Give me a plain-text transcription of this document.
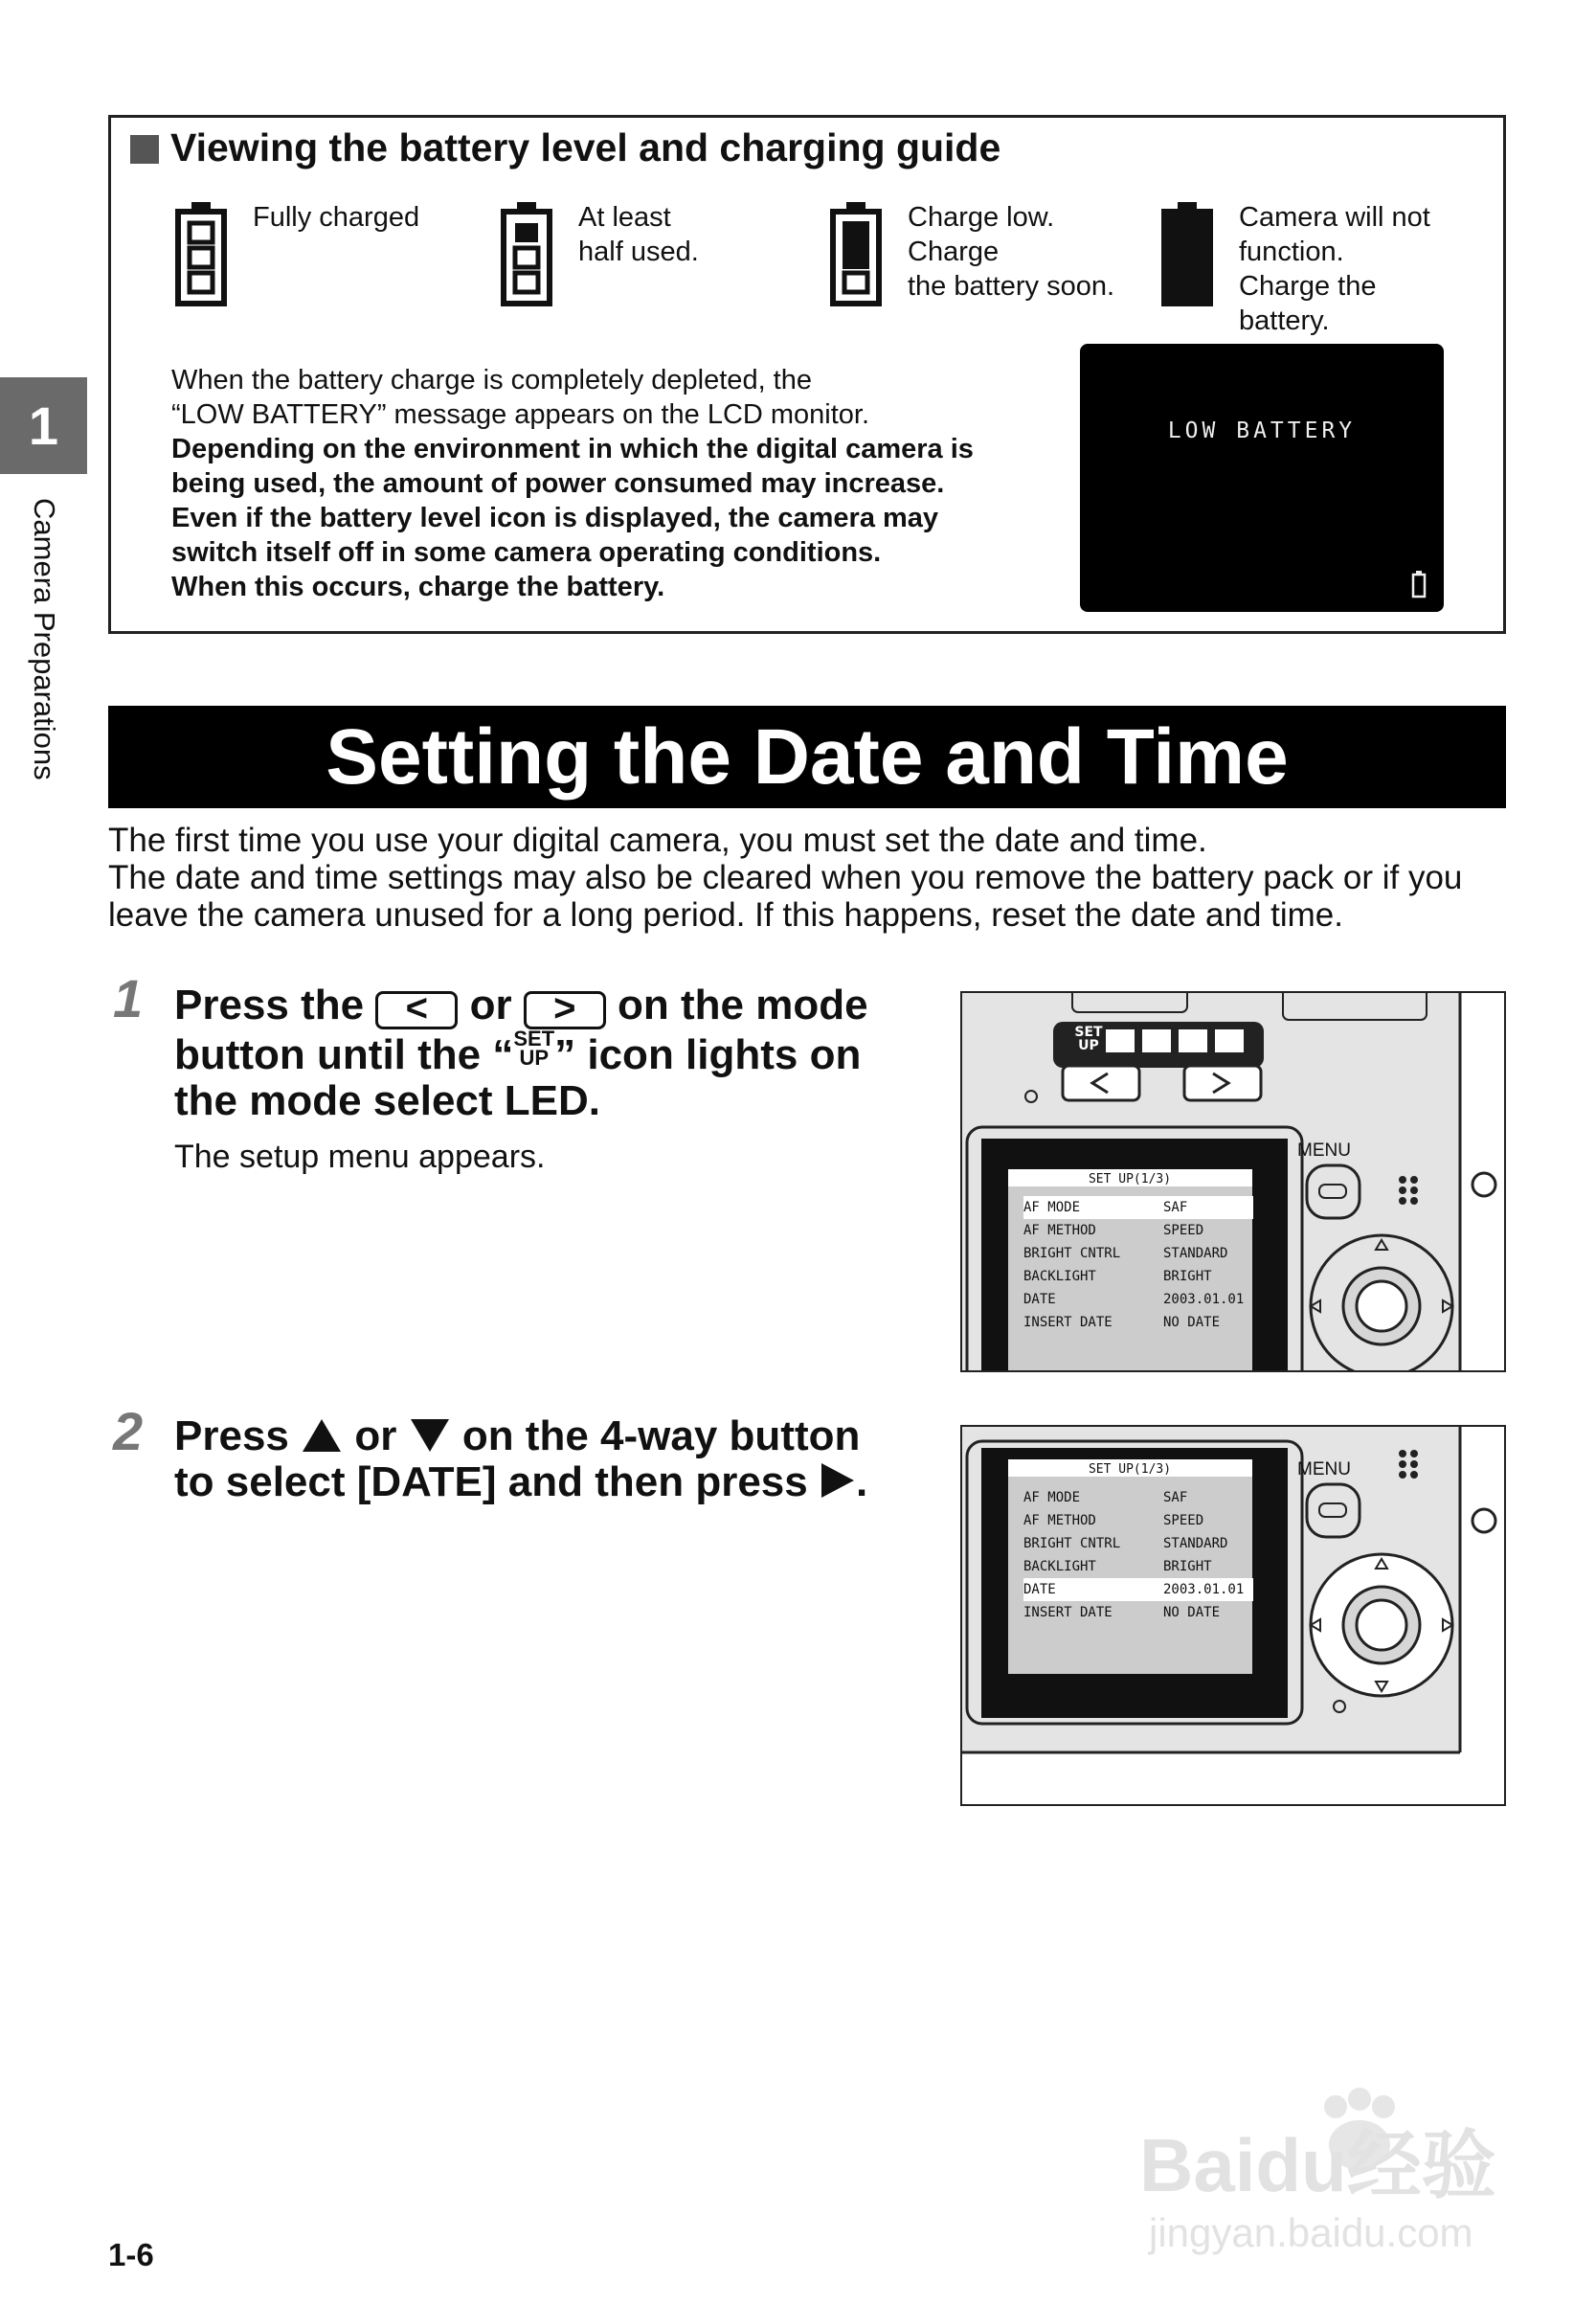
Viewing the battery level and charging guide
Fully charged	At least
half used.
Charge low.
Charge
the battery soon.
Camera will not
function.
Charge the
battery.
When the battery charge is completely depleted, the
“LOW BATTERY” message appears on the LCD monitor.
Depending on the environment in which the digital camera is
being used, the amount of power consumed may increase.
Even if the battery level icon is displayed, the camera may
switch itself off in some camera operating conditions.
When this occurs, charge the battery.
LOW BATTERY
1
Camera Preparations	Setting the Date and Time
The first time you use your digital camera, you must set the date and time.
The date and time settings may also be cleared when you remove the battery pack or if you
leave the camera unused for a long period. If this happens, reset the date and time.
1 Press the < or > on the mode
button until the “SET
UP ” icon lights on
the mode select LED.
The setup menu appears.
SET UP(1/3)
MENU
SET
UP
AF MODE	SAF
AF METHOD	SPEED
BRIGHT CNTRL	STANDARD
BACKLIGHT	BRIGHT
DATE	2003.01.01
INSERT DATE	NO DATE
2 Press or on the 4-way button
to select [DATE] and then press .	SET UP(1/3)	MENU
AF MODE	SAF
AF METHOD	SPEED
BRIGHT CNTRL	STANDARD
BACKLIGHT	BRIGHT
DATE	2003.01.01
INSERT DATE	NO DATE
Baidu经验
jingyan.baidu.com
1-6
